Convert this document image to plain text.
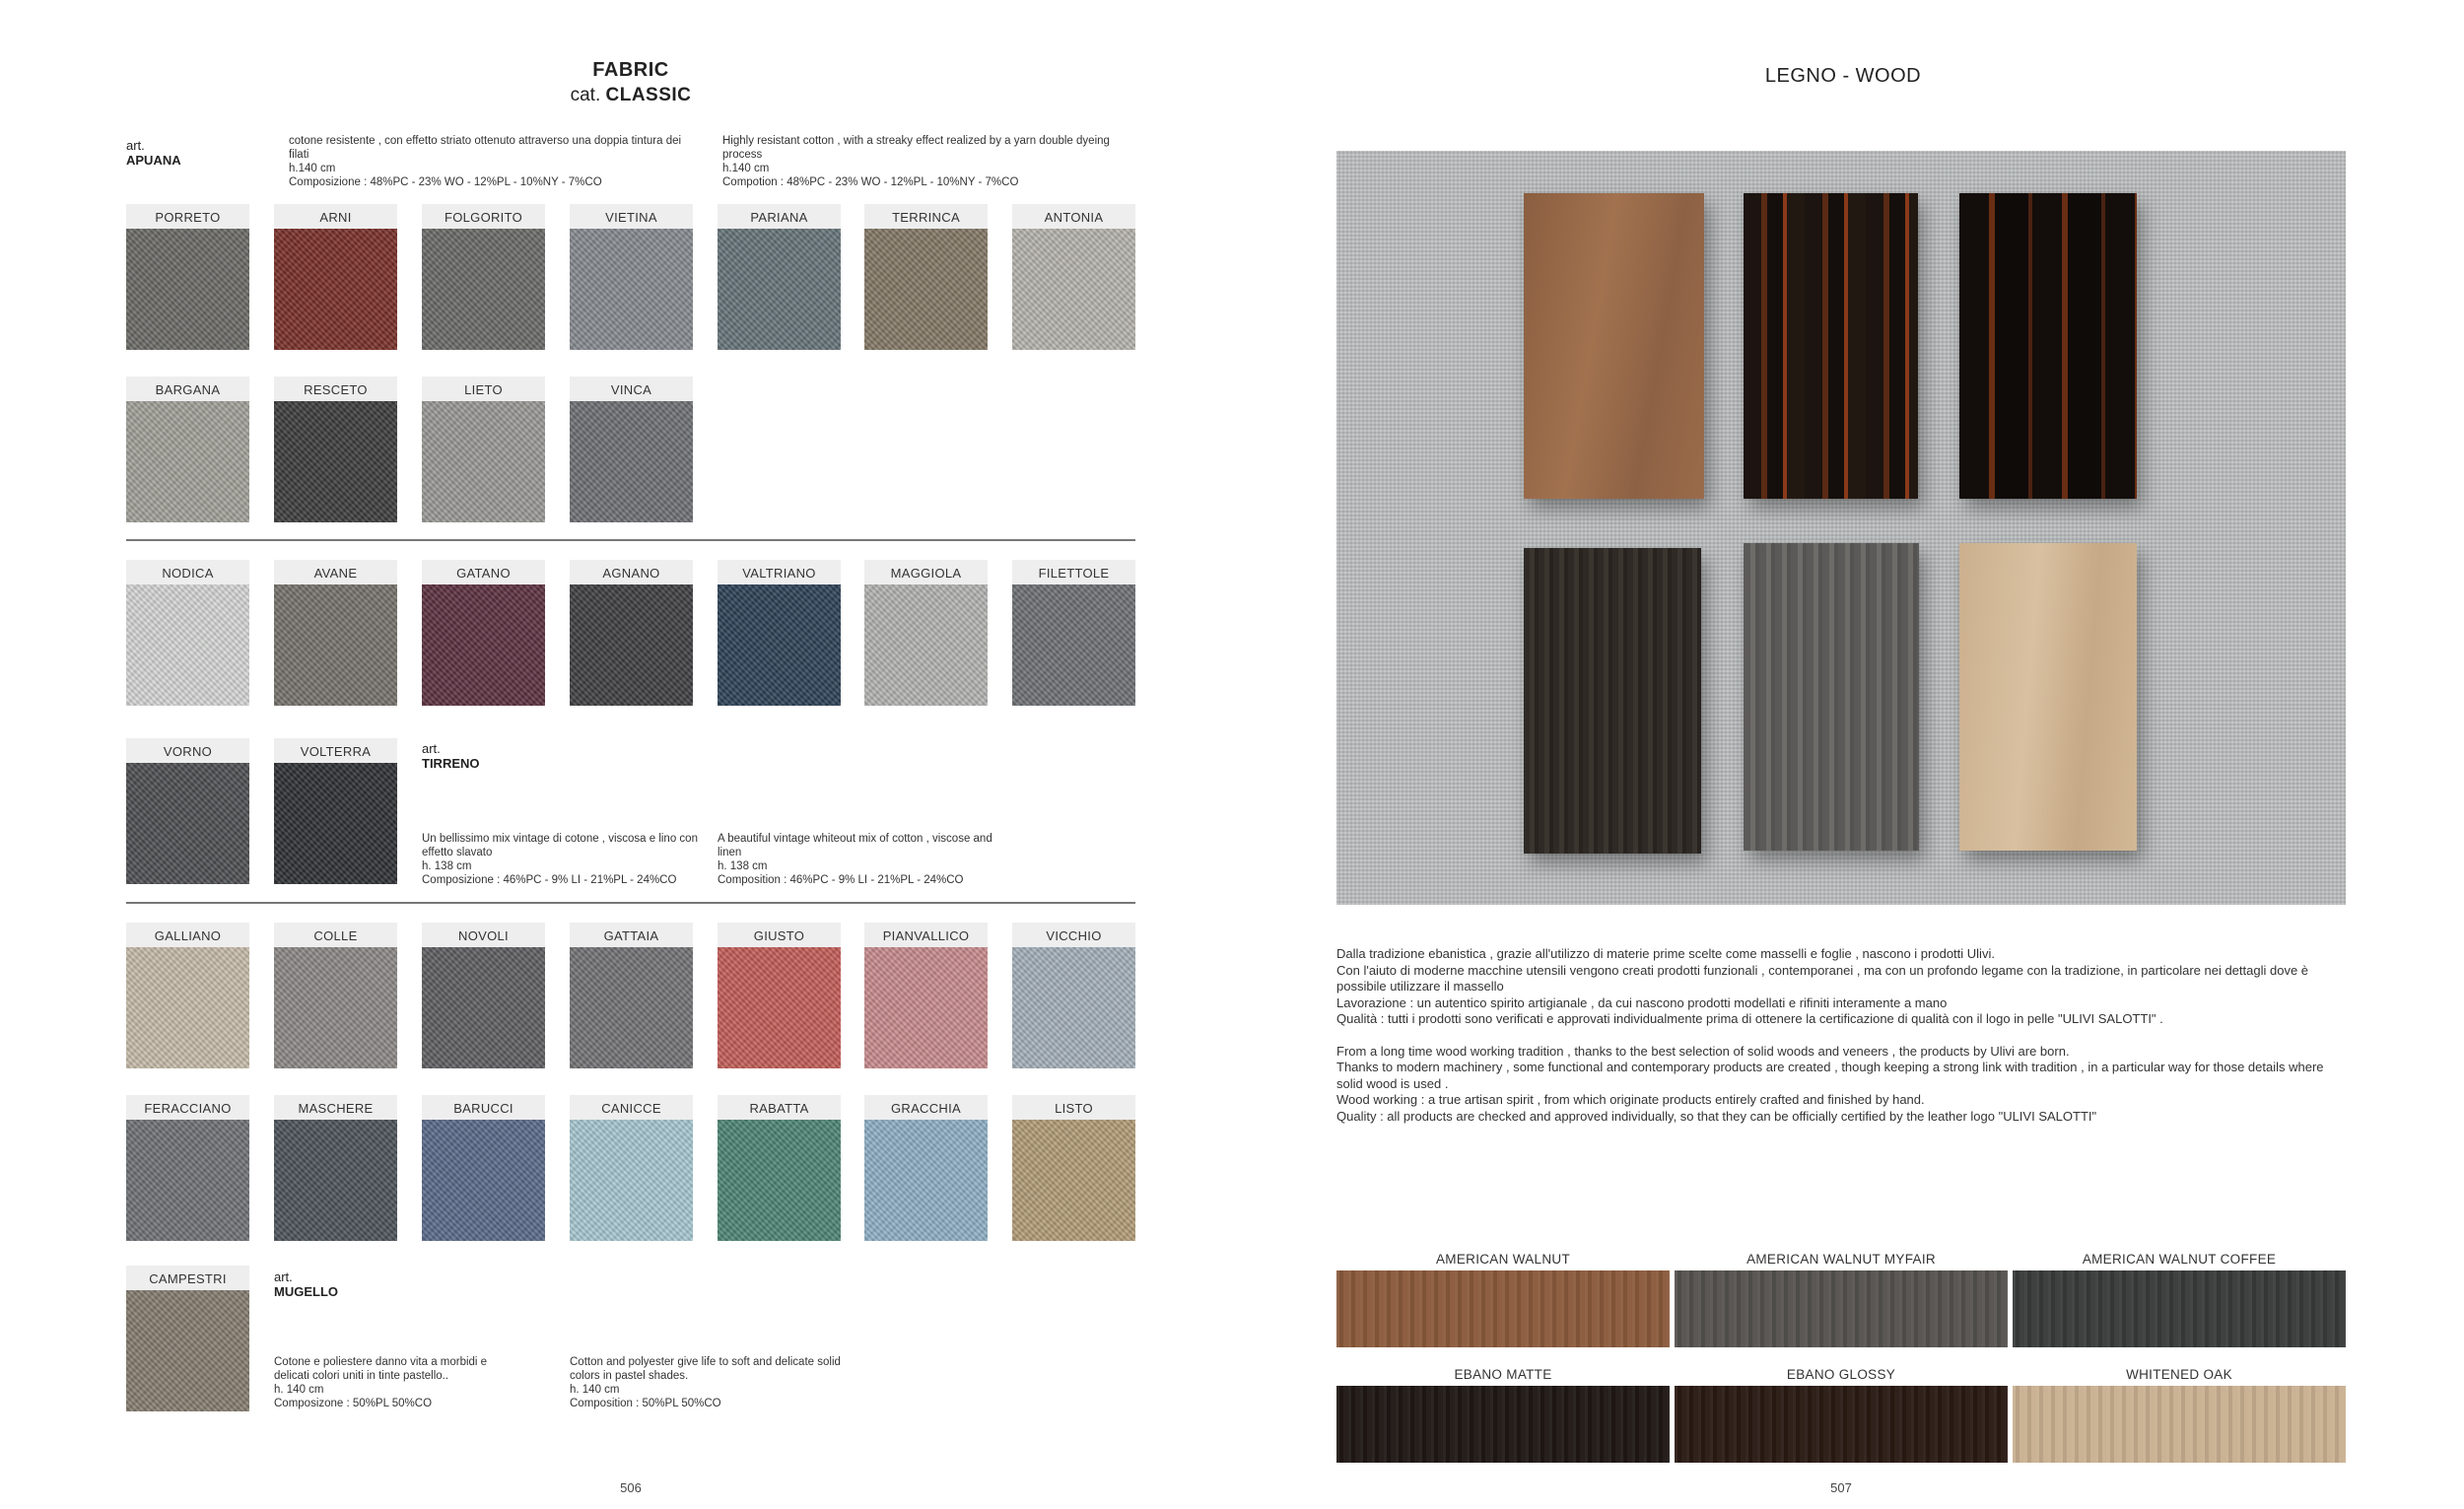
FABRIC
cat. CLASSIC
art.
APUANA
cotone resistente , con effetto striato ottenuto attraverso una doppia tintura dei filati
h.140 cm
Composizione : 48%PC - 23% WO - 12%PL - 10%NY - 7%CO
Highly resistant cotton , with a streaky effect realized by a yarn double dyeing process
h.140 cm
Compotion : 48%PC - 23% WO - 12%PL - 10%NY - 7%CO
PORRETO	ARNI	FOLGORITO	VIETINA	PARIANA	TERRINCA	ANTONIA
BARGANA	RESCETO	LIETO	VINCA
NODICA	AVANE	GATANO	AGNANO	VALTRIANO	MAGGIOLA	FILETTOLE
VORNO	VOLTERRA	art.
TIRRENO
Un bellissimo mix vintage di cotone , viscosa e lino con effetto slavato
h. 138 cm
Composizione : 46%PC - 9% LI - 21%PL - 24%CO
A beautiful vintage whiteout mix of cotton , viscose and linen
h. 138 cm
Composition : 46%PC - 9% LI - 21%PL - 24%CO
GALLIANO	COLLE	NOVOLI	GATTAIA	GIUSTO	PIANVALLICO	VICCHIO
FERACCIANO	MASCHERE	BARUCCI	CANICCE	RABATTA	GRACCHIA	LISTO
CAMPESTRI	art.
MUGELLO
Cotone e poliestere danno vita a morbidi e delicati colori uniti in tinte pastello..
h. 140 cm
Composizone : 50%PL 50%CO
Cotton and polyester give life to soft and delicate solid colors in pastel shades.
h. 140 cm
Composition : 50%PL 50%CO
506
LEGNO - WOOD

Dalla tradizione ebanistica , grazie all'utilizzo di materie prime scelte come masselli e foglie , nascono i prodotti Ulivi.

Con l'aiuto di moderne macchine utensili vengono creati prodotti funzionali , contemporanei , ma con un profondo legame con la tradizione, in particolare nei dettagli dove è possibile utilizzare il massello

Lavorazione : un autentico spirito artigianale , da cui nascono prodotti modellati e rifiniti interamente a mano

Qualità : tutti i prodotti sono verificati e approvati individualmente prima di ottenere la certificazione di qualità con il logo in pelle "ULIVI SALOTTI" .

From a long time wood working tradition , thanks to the best selection of solid woods and veneers , the products by Ulivi are born.

Thanks to modern machinery , some functional and contemporary products are created , though keeping a strong link with tradition , in a particular way for those details where solid wood is used .

Wood working : a true artisan spirit , from which originate products entirely crafted and finished by hand.

Quality : all products are checked and approved individually, so that they can be officially certified by the leather logo "ULIVI SALOTTI"

AMERICAN WALNUT	AMERICAN WALNUT MYFAIR	AMERICAN WALNUT COFFEE
EBANO MATTE	EBANO GLOSSY	WHITENED OAK
507
